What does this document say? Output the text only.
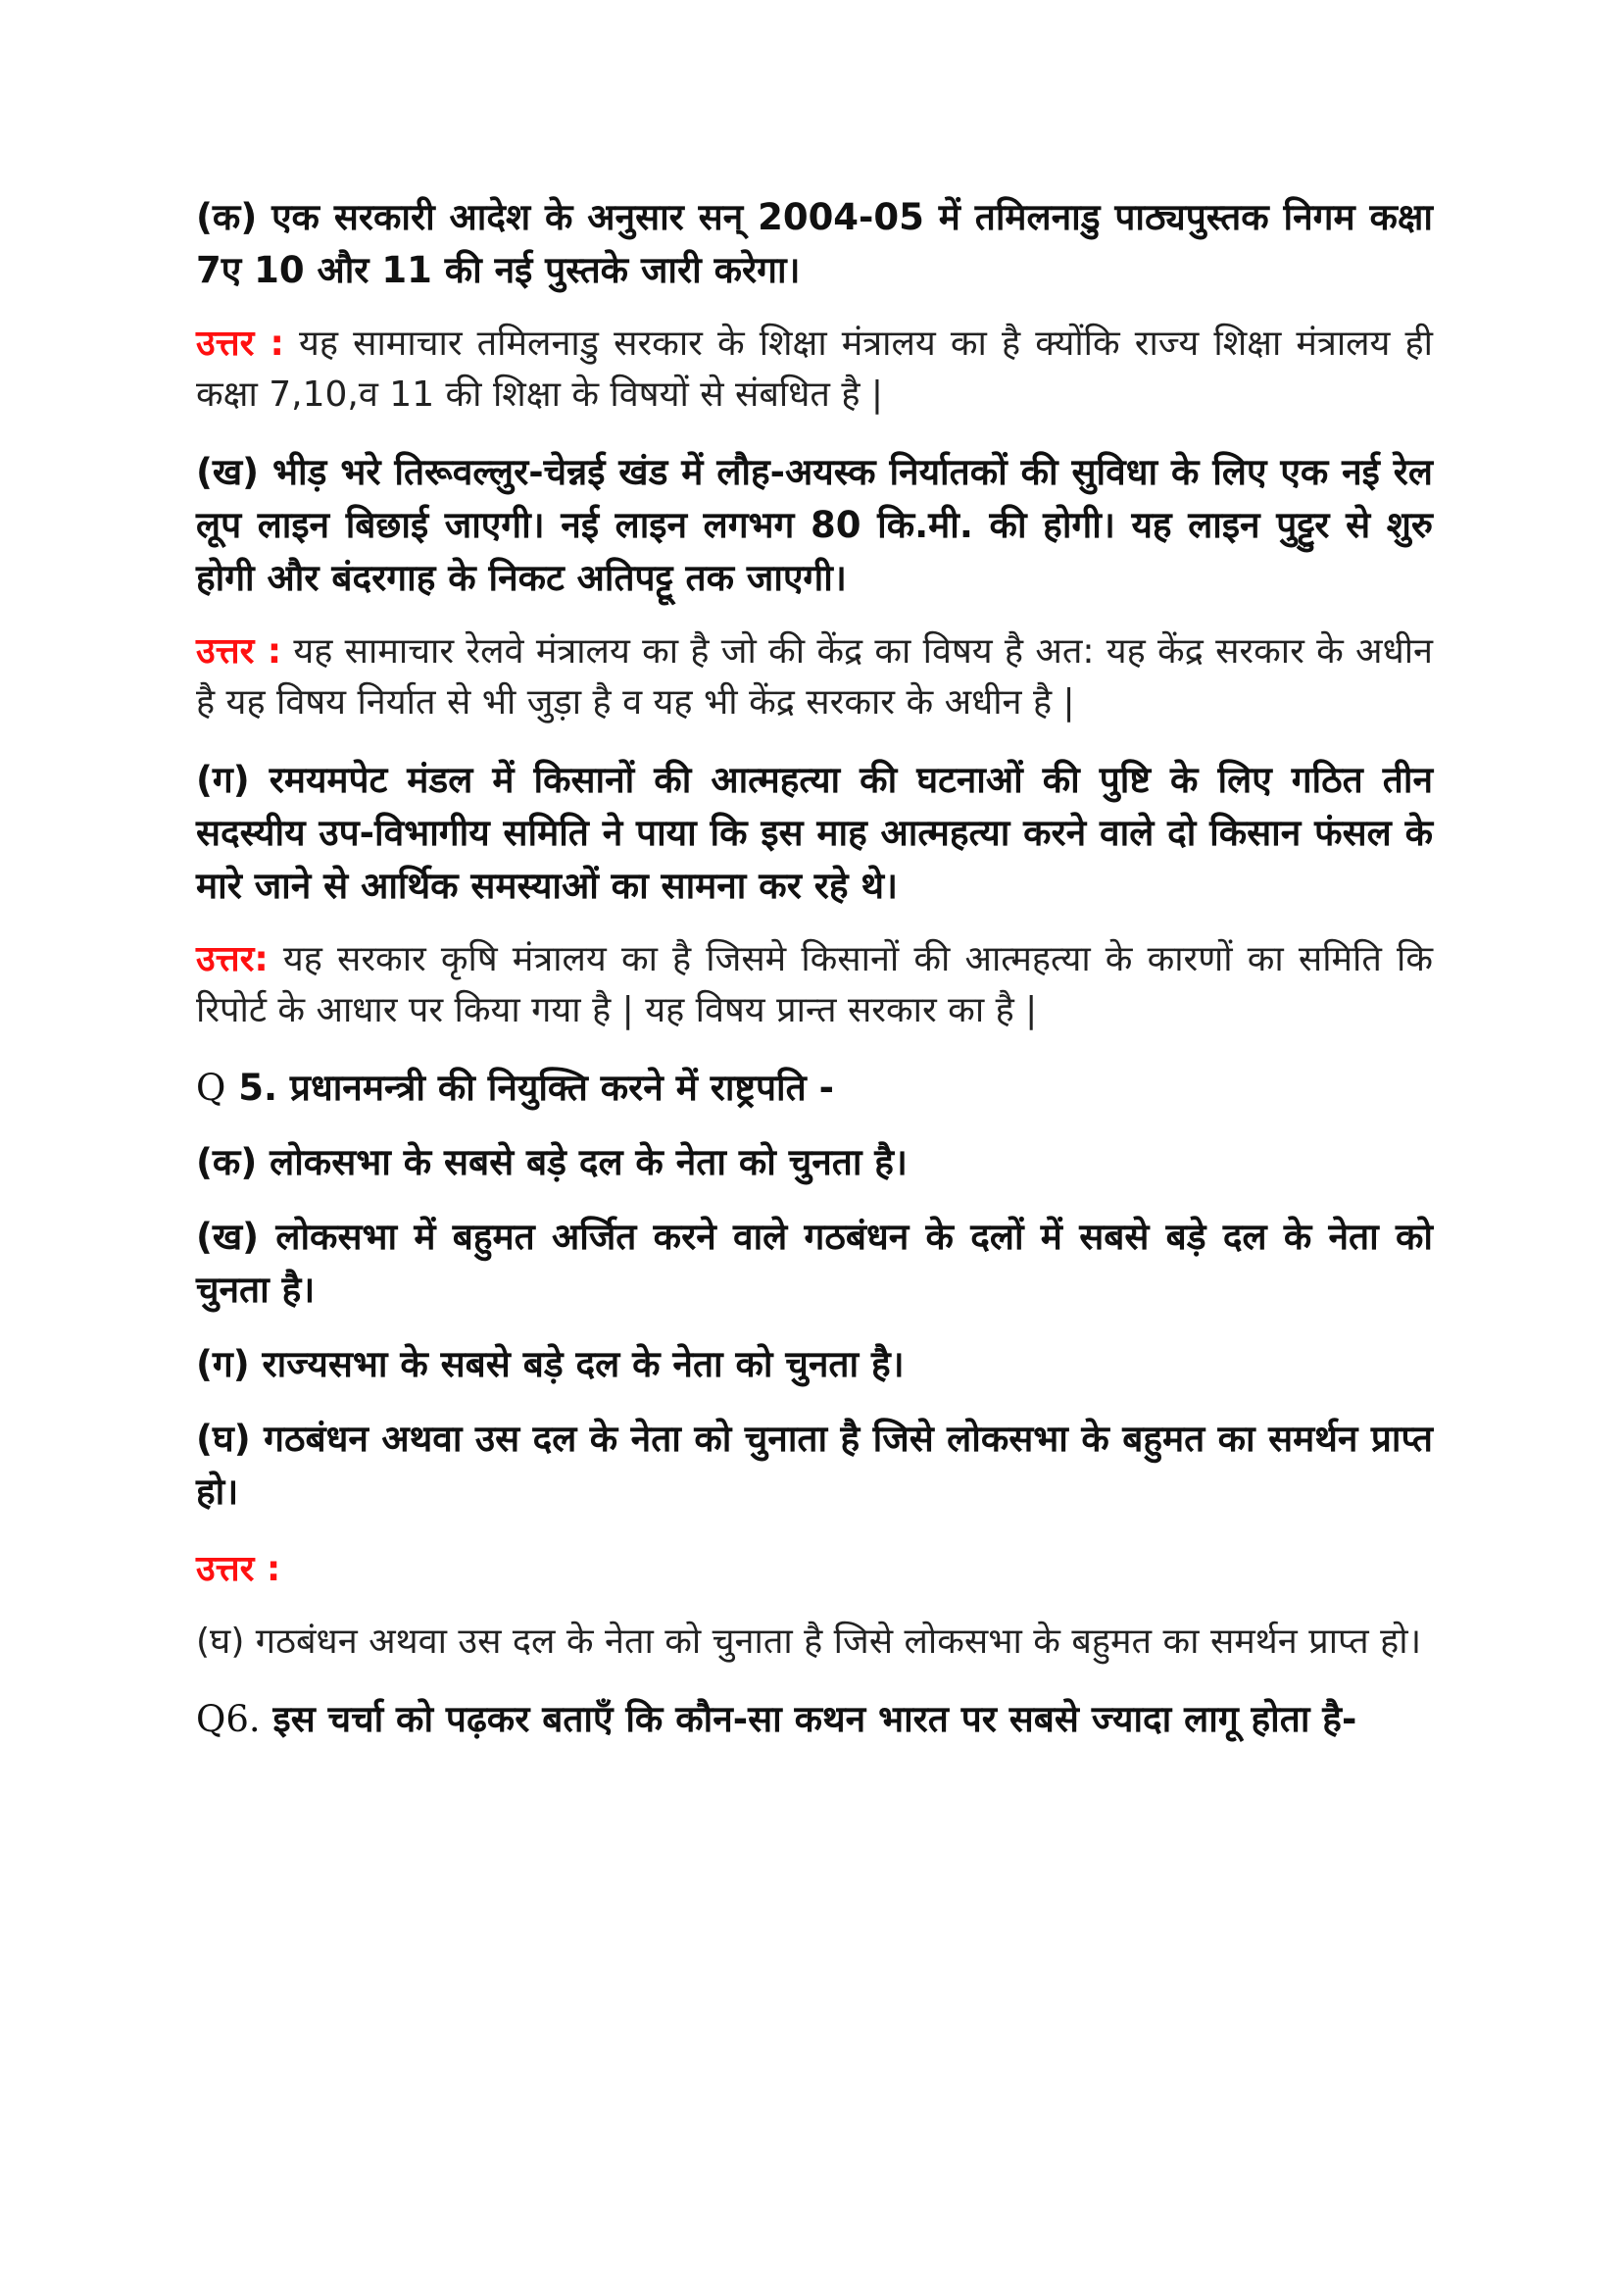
(क) एक सरकारी आदेश के अनुसार सन् 2004-05 में तमिलनाडु पाठ्यपुस्तक निगम कक्षा 7ए 10 और 11 की नई पुस्तके जारी करेगा।

उत्तर : यह सामाचार तमिलनाडु सरकार के शिक्षा मंत्रालय का है क्योंकि राज्य शिक्षा मंत्रालय ही कक्षा 7,10,व 11 की शिक्षा के विषयों से संबधित है |

(ख) भीड़ भरे तिरूवल्लुर-चेन्नई खंड में लौह-अयस्क निर्यातकों की सुविधा के लिए एक नई रेल लूप लाइन बिछाई जाएगी। नई लाइन लगभग 80 कि.मी. की होगी। यह लाइन पुट्टुर से शुरु होगी और बंदरगाह के निकट अतिपट्टू तक जाएगी।

उत्तर : यह सामाचार रेलवे मंत्रालय का है जो की केंद्र का विषय है अत: यह केंद्र सरकार के अधीन है यह विषय निर्यात से भी जुड़ा है व यह भी केंद्र सरकार के अधीन है |

(ग) रमयमपेट मंडल में किसानों की आत्महत्या की घटनाओं की पुष्टि के लिए गठित तीन सदस्यीय उप-विभागीय समिति ने पाया कि इस माह आत्महत्या करने वाले दो किसान फंसल के मारे जाने से आर्थिक समस्याओं का सामना कर रहे थे।

उत्तर: यह सरकार कृषि मंत्रालय का है जिसमे किसानों की आत्महत्या के कारणों का समिति कि रिपोर्ट के आधार पर किया गया है | यह विषय प्रान्त सरकार का है |

Q 5. प्रधानमन्त्री की नियुक्ति करने में राष्ट्रपति -

(क) लोकसभा के सबसे बड़े दल के नेता को चुनता है।

(ख) लोकसभा में बहुमत अर्जित करने वाले गठबंधन के दलों में सबसे बड़े दल के नेता को चुनता है।

(ग) राज्यसभा के सबसे बड़े दल के नेता को चुनता है।

(घ) गठबंधन अथवा उस दल के नेता को चुनाता है जिसे लोकसभा के बहुमत का समर्थन प्राप्त हो।

उत्तर :

(घ) गठबंधन अथवा उस दल के नेता को चुनाता है जिसे लोकसभा के बहुमत का समर्थन प्राप्त हो।

Q6. इस चर्चा को पढ़कर बताएँ कि कौन-सा कथन भारत पर सबसे ज्यादा लागू होता है-
